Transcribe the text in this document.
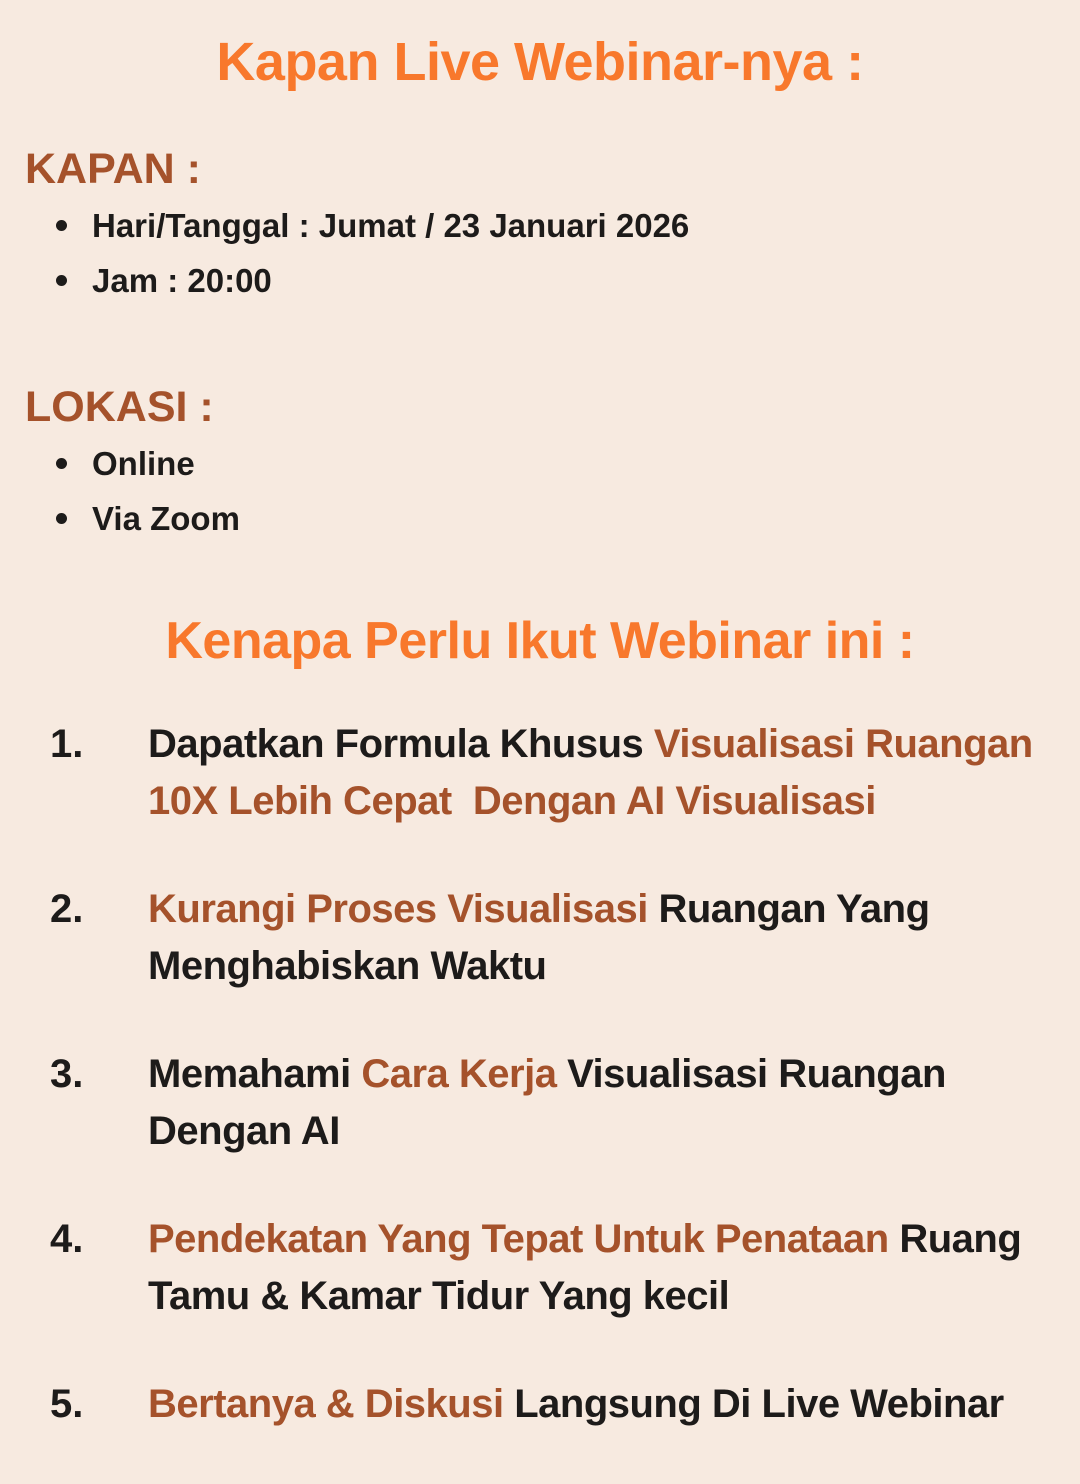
Kapan Live Webinar-nya :
KAPAN :
Hari/Tanggal : Jumat / 23 Januari 2026
Jam : 20:00
LOKASI :
Online
Via Zoom
Kenapa Perlu Ikut Webinar ini :
1.	Dapatkan Formula Khusus Visualisasi Ruangan
10X Lebih Cepat  Dengan AI Visualisasi
2.	Kurangi Proses Visualisasi Ruangan Yang
Menghabiskan Waktu
3.	Memahami Cara Kerja Visualisasi Ruangan
Dengan AI
4.	Pendekatan Yang Tepat Untuk Penataan Ruang
Tamu & Kamar Tidur Yang kecil
5.	Bertanya & Diskusi Langsung Di Live Webinar
